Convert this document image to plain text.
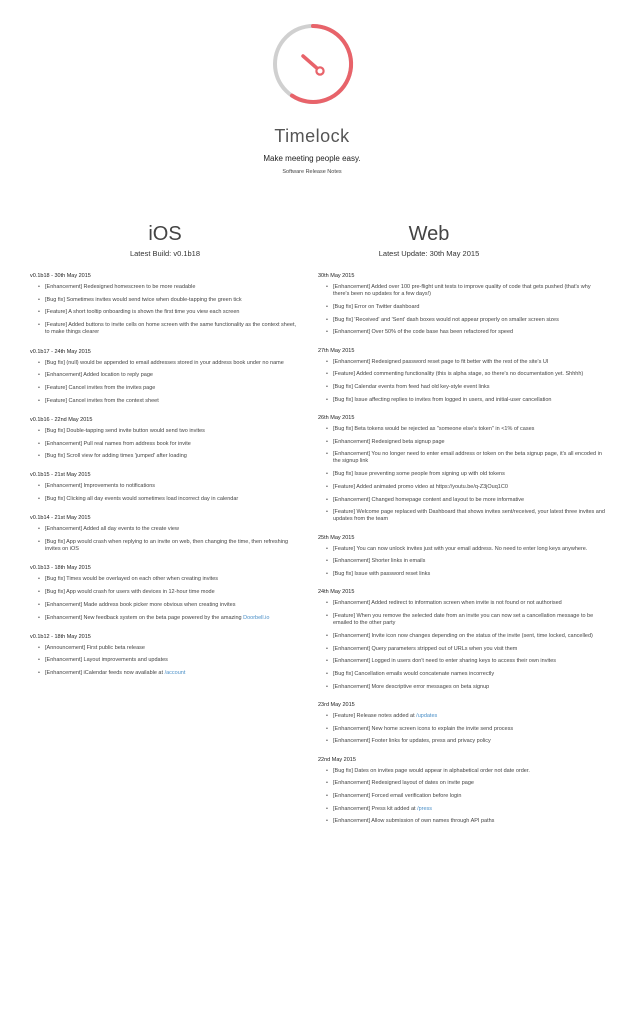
Timelock
Make meeting people easy.
Software Release Notes
iOS
Latest Build: v0.1b18
v0.1b18 - 30th May 2015
• [Enhancement] Redesigned homescreen to be more readable
• [Bug fix] Sometimes invites would send twice when double-tapping the green tick
• [Feature] A short tooltip onboarding is shown the first time you view each screen
• [Feature] Added buttons to invite cells on home screen with the same functionality as the context sheet, to make things clearer
v0.1b17 - 24th May 2015
• [Bug fix] (null) would be appended to email addresses stored in your address book under no name
• [Enhancement] Added location to reply page
• [Feature] Cancel invites from the invites page
• [Feature] Cancel invites from the context sheet
v0.1b16 - 22nd May 2015
• [Bug fix] Double-tapping send invite button would send two invites
• [Enhancement] Pull real names from address book for invite
• [Bug fix] Scroll view for adding times 'jumped' after loading
v0.1b15 - 21st May 2015
• [Enhancement] Improvements to notifications
• [Bug fix] Clicking all day events would sometimes load incorrect day in calendar
v0.1b14 - 21st May 2015
• [Enhancement] Added all day events to the create view
• [Bug fix] App would crash when replying to an invite on web, then changing the time, then refreshing invites on iOS
v0.1b13 - 18th May 2015
• [Bug fix] Times would be overlayed on each other when creating invites
• [Bug fix] App would crash for users with devices in 12-hour time mode
• [Enhancement] Made address book picker more obvious when creating invites
• [Enhancement] New feedback system on the beta page powered by the amazing Doorbell.io
v0.1b12 - 18th May 2015
• [Announcement] First public beta release
• [Enhancement] Layout improvements and updates
• [Enhancement] iCalendar feeds now available at /account
Web
Latest Update: 30th May 2015
30th May 2015
• [Enhancement] Added over 100 pre-flight unit tests to improve quality of code that gets pushed (that's why there's been no updates for a few days!)
• [Bug fix] Error on Twitter dashboard
• [Bug fix] 'Received' and 'Sent' dash boxes would not appear properly on smaller screen sizes
• [Enhancement] Over 50% of the code base has been refactored for speed
27th May 2015
• [Enhancement] Redesigned password reset page to fit better with the rest of the site's UI
• [Feature] Added commenting functionality (this is alpha stage, so there's no documentation yet. Shhhh)
• [Bug fix] Calendar events from feed had old key-style event links
• [Bug fix] Issue affecting replies to invites from logged in users, and initial-user cancellation
26th May 2015
• [Bug fix] Beta tokens would be rejected as "someone else's token" in <1% of cases
• [Enhancement] Redesigned beta signup page
• [Enhancement] You no longer need to enter email address or token on the beta signup page, it's all encoded in the signup link
• [Bug fix] Issue preventing some people from signing up with old tokens
• [Feature] Added animated promo video at https://youtu.be/q-Z3jOuq1C0
• [Enhancement] Changed homepage content and layout to be more informative
• [Feature] Welcome page replaced with Dashboard that shows invites sent/received, your latest three invites and updates from the team
25th May 2015
• [Feature] You can now unlock invites just with your email address. No need to enter long keys anywhere.
• [Enhancement] Shorter links in emails
• [Bug fix] Issue with password reset links
24th May 2015
• [Enhancement] Added redirect to information screen when invite is not found or not authorised
• [Feature] When you remove the selected date from an invite you can now set a cancellation message to be emailed to the other party
• [Enhancement] Invite icon now changes depending on the status of the invite (sent, time locked, cancelled)
• [Enhancement] Query parameters stripped out of URLs when you visit them
• [Enhancement] Logged in users don't need to enter sharing keys to access their own invites
• [Bug fix] Cancellation emails would concatenate names incorrectly
• [Enhancement] More descriptive error messages on beta signup
23rd May 2015
• [Feature] Release notes added at /updates
• [Enhancement] New home screen icons to explain the invite send process
• [Enhancement] Footer links for updates, press and privacy policy
22nd May 2015
• [Bug fix] Dates on invites page would appear in alphabetical order not date order.
• [Enhancement] Redesigned layout of dates on invite page
• [Enhancement] Forced email verification before login
• [Enhancement] Press kit added at /press
• [Enhancement] Allow submission of own names through API paths
